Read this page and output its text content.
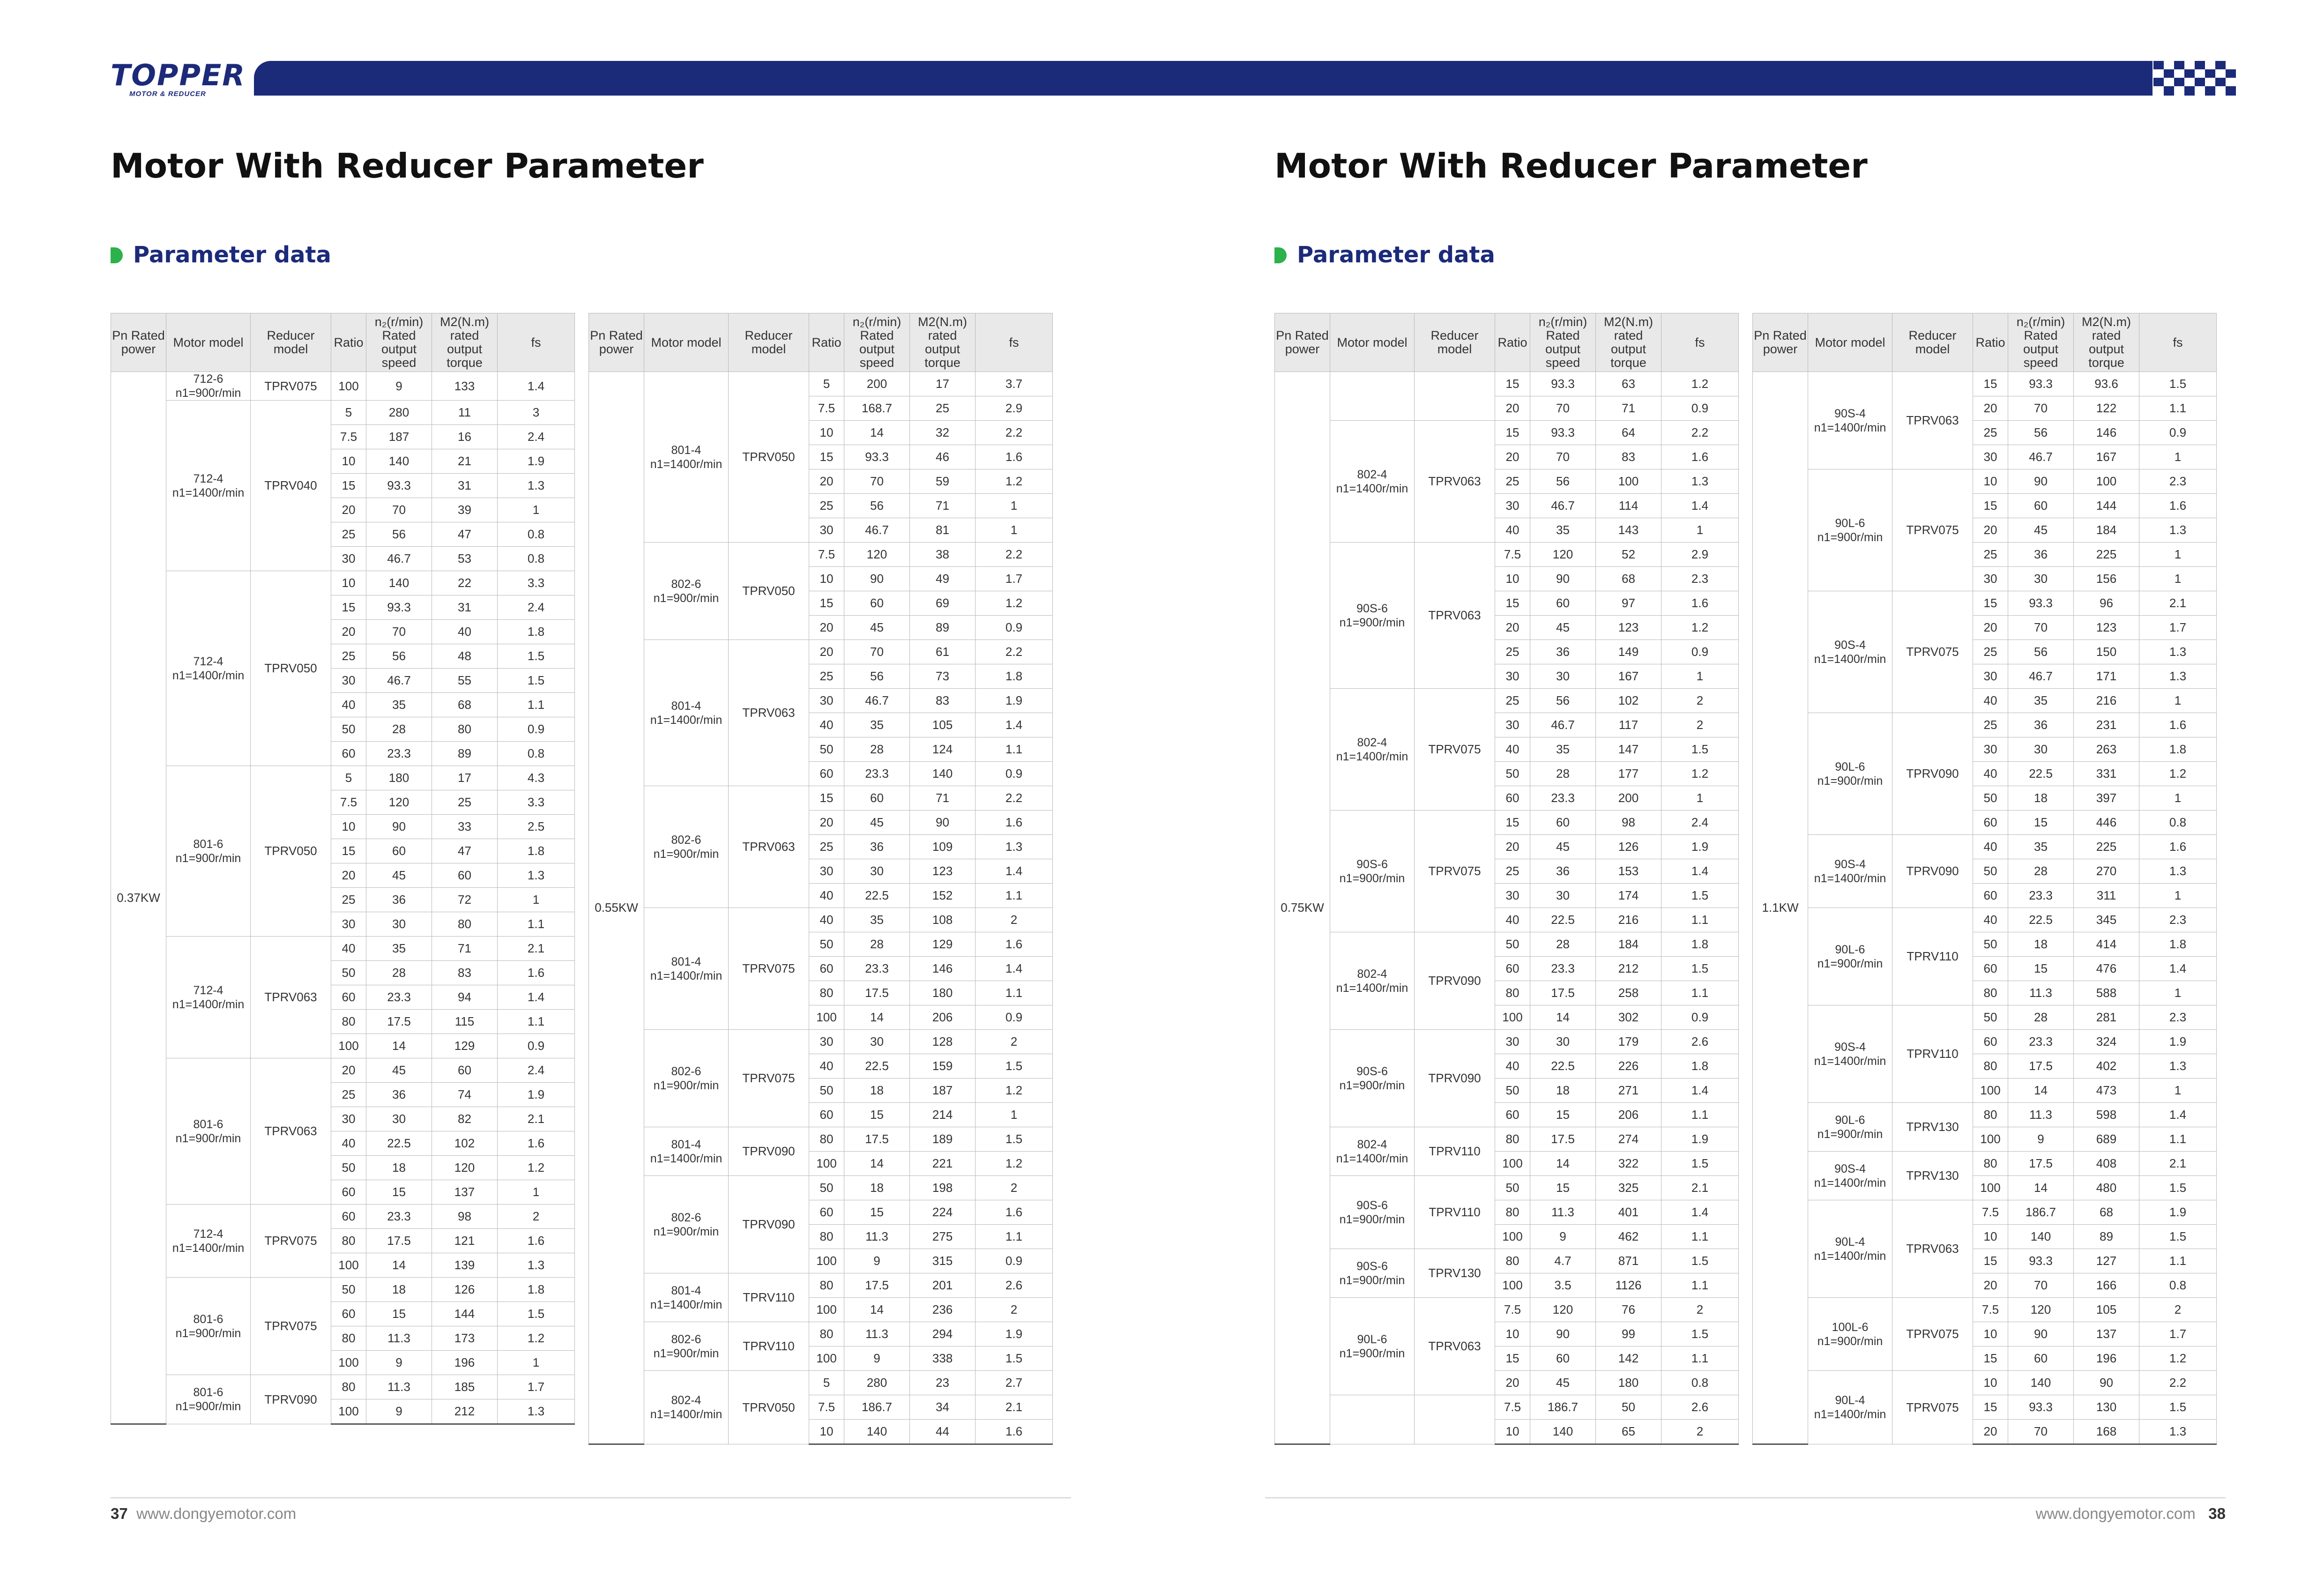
TOPPER
MOTOR & REDUCER
Motor With Reducer Parameter	Motor With Reducer Parameter
Parameter data	Parameter data
Pn Rated power	Motor model	Reducer model	Ratio	n₂(r/min) Rated output speed	M2(N.m) rated output torque	fs
0.37KW	712-6 n1=900r/min	TPRV075	100	9	133	1.4
	712-4 n1=1400r/min	TPRV040	5	280	11	3
			7.5	187	16	2.4
			10	140	21	1.9
			15	93.3	31	1.3
			20	70	39	1
			25	56	47	0.8
			30	46.7	53	0.8
	712-4 n1=1400r/min	TPRV050	10	140	22	3.3
			15	93.3	31	2.4
			20	70	40	1.8
			25	56	48	1.5
			30	46.7	55	1.5
			40	35	68	1.1
			50	28	80	0.9
			60	23.3	89	0.8
	801-6 n1=900r/min	TPRV050	5	180	17	4.3
			7.5	120	25	3.3
			10	90	33	2.5
			15	60	47	1.8
			20	45	60	1.3
			25	36	72	1
			30	30	80	1.1
	712-4 n1=1400r/min	TPRV063	40	35	71	2.1
			50	28	83	1.6
			60	23.3	94	1.4
			80	17.5	115	1.1
			100	14	129	0.9
	801-6 n1=900r/min	TPRV063	20	45	60	2.4
			25	36	74	1.9
			30	30	82	2.1
			40	22.5	102	1.6
			50	18	120	1.2
			60	15	137	1
	712-4 n1=1400r/min	TPRV075	60	23.3	98	2
			80	17.5	121	1.6
			100	14	139	1.3
	801-6 n1=900r/min	TPRV075	50	18	126	1.8
			60	15	144	1.5
			80	11.3	173	1.2
			100	9	196	1
	801-6 n1=900r/min	TPRV090	80	11.3	185	1.7
			100	9	212	1.3
Pn Rated power	Motor model	Reducer model	Ratio	n₂(r/min) Rated output speed	M2(N.m) rated output torque	fs
0.55KW	801-4 n1=1400r/min	TPRV050	5	200	17	3.7
			7.5	168.7	25	2.9
			10	14	32	2.2
			15	93.3	46	1.6
			20	70	59	1.2
			25	56	71	1
			30	46.7	81	1
	802-6 n1=900r/min	TPRV050	7.5	120	38	2.2
			10	90	49	1.7
			15	60	69	1.2
			20	45	89	0.9
	801-4 n1=1400r/min	TPRV063	20	70	61	2.2
			25	56	73	1.8
			30	46.7	83	1.9
			40	35	105	1.4
			50	28	124	1.1
			60	23.3	140	0.9
	802-6 n1=900r/min	TPRV063	15	60	71	2.2
			20	45	90	1.6
			25	36	109	1.3
			30	30	123	1.4
			40	22.5	152	1.1
	801-4 n1=1400r/min	TPRV075	40	35	108	2
			50	28	129	1.6
			60	23.3	146	1.4
			80	17.5	180	1.1
			100	14	206	0.9
	802-6 n1=900r/min	TPRV075	30	30	128	2
			40	22.5	159	1.5
			50	18	187	1.2
			60	15	214	1
	801-4 n1=1400r/min	TPRV090	80	17.5	189	1.5
			100	14	221	1.2
	802-6 n1=900r/min	TPRV090	50	18	198	2
			60	15	224	1.6
			80	11.3	275	1.1
			100	9	315	0.9
	801-4 n1=1400r/min	TPRV110	80	17.5	201	2.6
			100	14	236	2
	802-6 n1=900r/min	TPRV110	80	11.3	294	1.9
			100	9	338	1.5
	802-4 n1=1400r/min	TPRV050	5	280	23	2.7
			7.5	186.7	34	2.1
			10	140	44	1.6
Pn Rated power	Motor model	Reducer model	Ratio	n₂(r/min) Rated output speed	M2(N.m) rated output torque	fs
0.75KW			15	93.3	63	1.2
			20	70	71	0.9
	802-4 n1=1400r/min	TPRV063	15	93.3	64	2.2
			20	70	83	1.6
			25	56	100	1.3
			30	46.7	114	1.4
			40	35	143	1
	90S-6 n1=900r/min	TPRV063	7.5	120	52	2.9
			10	90	68	2.3
			15	60	97	1.6
			20	45	123	1.2
			25	36	149	0.9
			30	30	167	1
	802-4 n1=1400r/min	TPRV075	25	56	102	2
			30	46.7	117	2
			40	35	147	1.5
			50	28	177	1.2
			60	23.3	200	1
	90S-6 n1=900r/min	TPRV075	15	60	98	2.4
			20	45	126	1.9
			25	36	153	1.4
			30	30	174	1.5
			40	22.5	216	1.1
	802-4 n1=1400r/min	TPRV090	50	28	184	1.8
			60	23.3	212	1.5
			80	17.5	258	1.1
			100	14	302	0.9
	90S-6 n1=900r/min	TPRV090	30	30	179	2.6
			40	22.5	226	1.8
			50	18	271	1.4
			60	15	206	1.1
	802-4 n1=1400r/min	TPRV110	80	17.5	274	1.9
			100	14	322	1.5
	90S-6 n1=900r/min	TPRV110	50	15	325	2.1
			80	11.3	401	1.4
			100	9	462	1.1
	90S-6 n1=900r/min	TPRV130	80	4.7	871	1.5
			100	3.5	1126	1.1
	90L-6 n1=900r/min	TPRV063	7.5	120	76	2
			10	90	99	1.5
			15	60	142	1.1
			20	45	180	0.8
			7.5	186.7	50	2.6
			10	140	65	2
Pn Rated power	Motor model	Reducer model	Ratio	n₂(r/min) Rated output speed	M2(N.m) rated output torque	fs
1.1KW	90S-4 n1=1400r/min	TPRV063	15	93.3	93.6	1.5
			20	70	122	1.1
			25	56	146	0.9
			30	46.7	167	1
	90L-6 n1=900r/min	TPRV075	10	90	100	2.3
			15	60	144	1.6
			20	45	184	1.3
			25	36	225	1
			30	30	156	1
	90S-4 n1=1400r/min	TPRV075	15	93.3	96	2.1
			20	70	123	1.7
			25	56	150	1.3
			30	46.7	171	1.3
			40	35	216	1
	90L-6 n1=900r/min	TPRV090	25	36	231	1.6
			30	30	263	1.8
			40	22.5	331	1.2
			50	18	397	1
			60	15	446	0.8
	90S-4 n1=1400r/min	TPRV090	40	35	225	1.6
			50	28	270	1.3
			60	23.3	311	1
	90L-6 n1=900r/min	TPRV110	40	22.5	345	2.3
			50	18	414	1.8
			60	15	476	1.4
			80	11.3	588	1
	90S-4 n1=1400r/min	TPRV110	50	28	281	2.3
			60	23.3	324	1.9
			80	17.5	402	1.3
			100	14	473	1
	90L-6 n1=900r/min	TPRV130	80	11.3	598	1.4
			100	9	689	1.1
	90S-4 n1=1400r/min	TPRV130	80	17.5	408	2.1
			100	14	480	1.5
	90L-4 n1=1400r/min	TPRV063	7.5	186.7	68	1.9
			10	140	89	1.5
			15	93.3	127	1.1
			20	70	166	0.8
	100L-6 n1=900r/min	TPRV075	7.5	120	105	2
			10	90	137	1.7
			15	60	196	1.2
	90L-4 n1=1400r/min	TPRV075	10	140	90	2.2
			15	93.3	130	1.5
			20	70	168	1.3
37 www.dongyemotor.com	www.dongyemotor.com 38
